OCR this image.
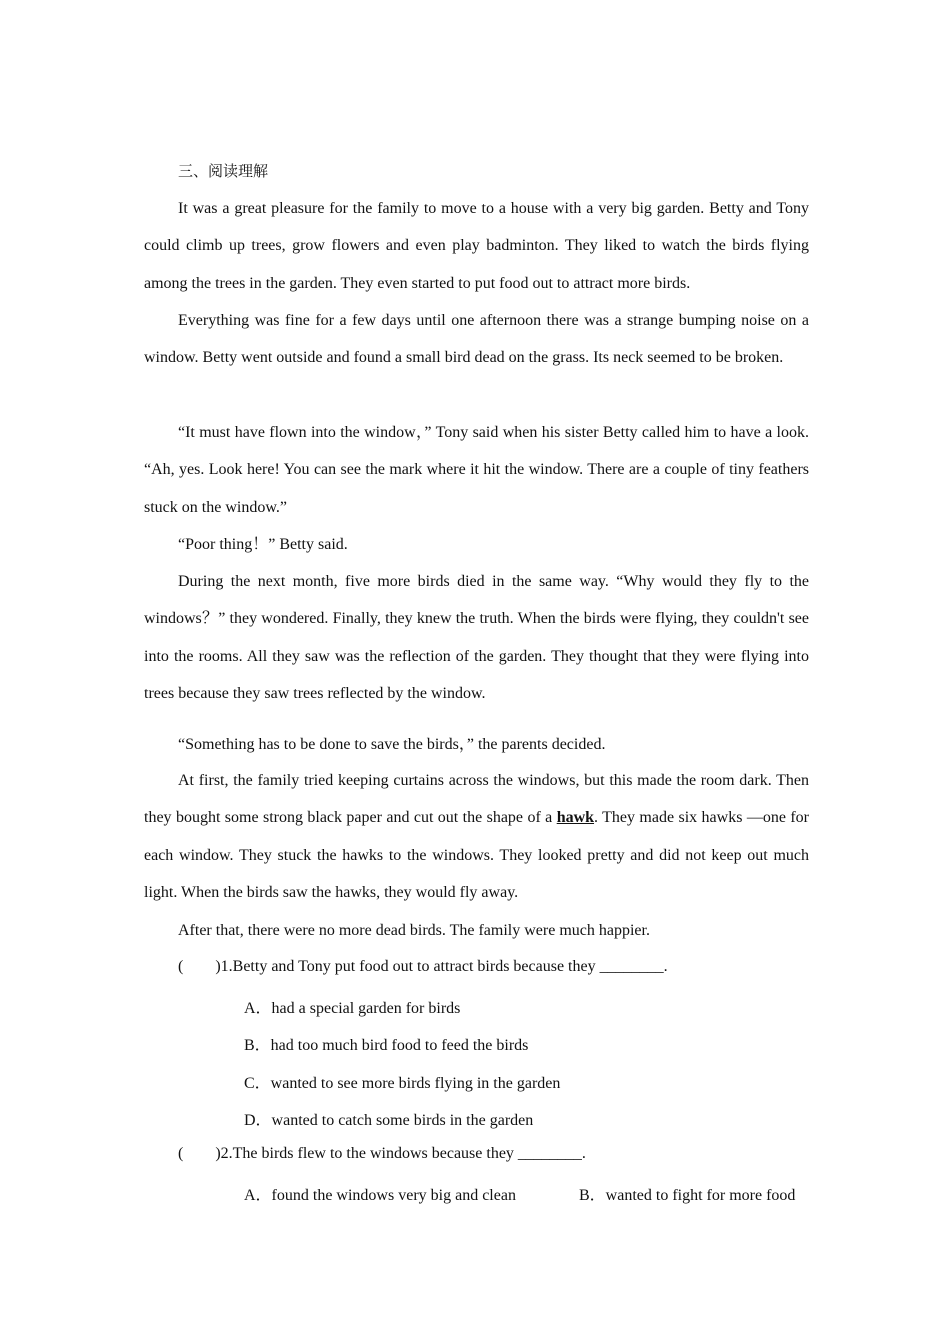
三、阅读理解

It was a great pleasure for the family to move to a house with a very big garden. Betty and Tony could climb up trees, grow flowers and even play badminton. They liked to watch the birds flying among the trees in the garden. They even started to put food out to attract more birds.

Everything was fine for a few days until one afternoon there was a strange bumping noise on a window. Betty went outside and found a small bird dead on the grass. Its neck seemed to be broken.

“It must have flown into the window，” Tony said when his sister Betty called him to have a look. “Ah, yes. Look here! You can see the mark where it hit the window. There are a couple of tiny feathers stuck on the window.”

“Poor thing！” Betty said.

During the next month, five more birds died in the same way. “Why would they fly to the windows？” they wondered. Finally, they knew the truth. When the birds were flying, they couldn't see into the rooms. All they saw was the reflection of the garden. They thought that they were flying into trees because they saw trees reflected by the window.

“Something has to be done to save the birds，” the parents decided.

At first, the family tried keeping curtains across the windows, but this made the room dark. Then they bought some strong black paper and cut out the shape of a hawk. They made six hawks —one for each window. They stuck the hawks to the windows. They looked pretty and did not keep out much light. When the birds saw the hawks, they would fly away.

After that, there were no more dead birds. The family were much happier.

(        )1.Betty and Tony put food out to attract birds because they ________.
A．had a special garden for birds
B．had too much bird food to feed the birds
C．wanted to see more birds flying in the garden
D．wanted to catch some birds in the garden
(        )2.The birds flew to the windows because they ________.
A．found the windows very big and clean	B．wanted to fight for more food
